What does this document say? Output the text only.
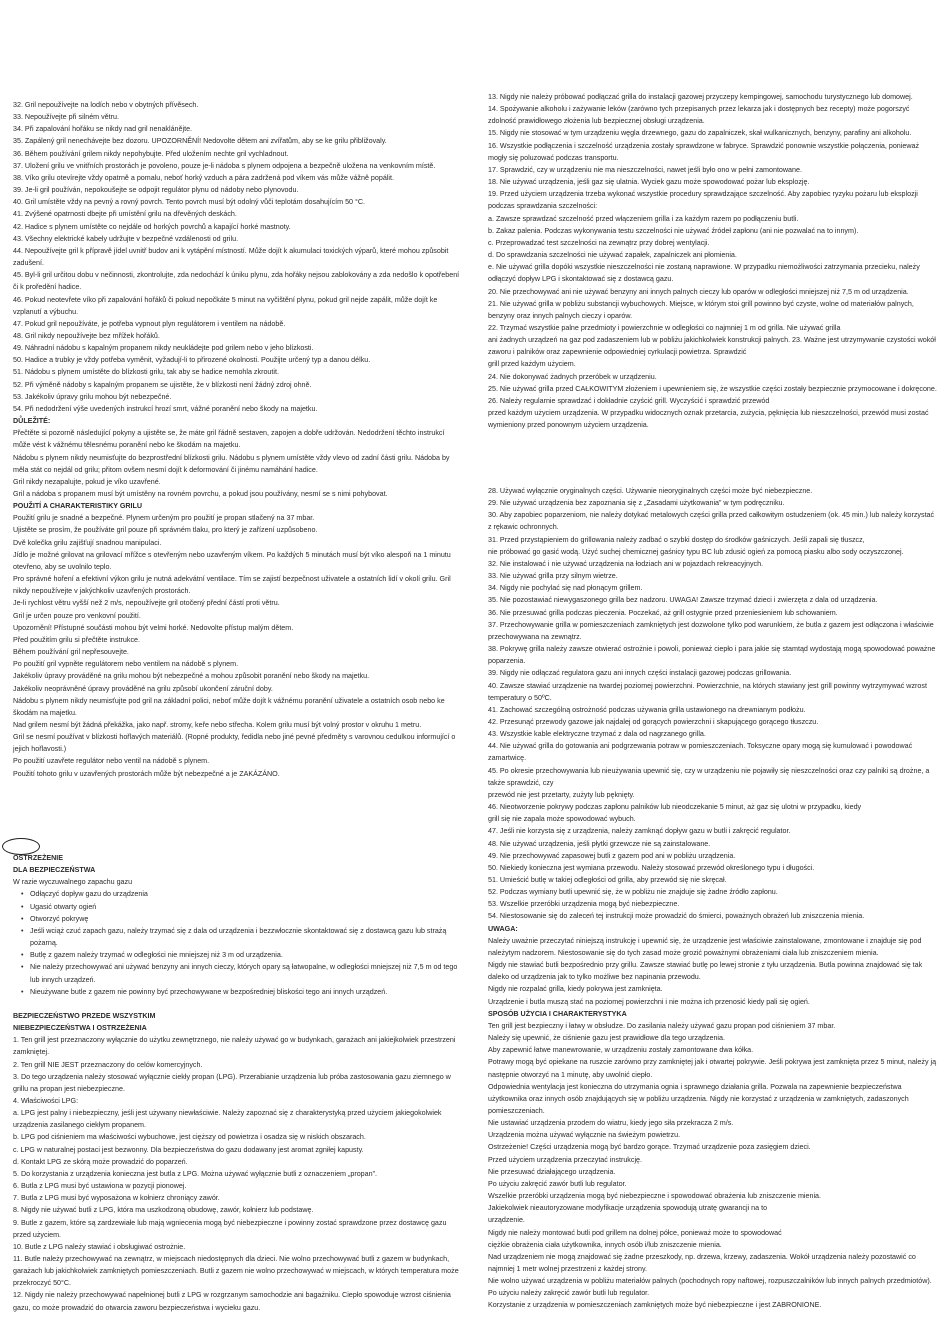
32. Gril nepoužívejte na lodích nebo v obytných přívěsech.

33. Nepoužívejte při silném větru.

34. Při zapalování hořáku se nikdy nad gril nenaklánějte.

35. Zapálený gril nenechávejte bez dozoru. UPOZORNĚNÍ! Nedovolte dětem ani zvířatům, aby se ke grilu přibližovaly.

36. Během používání grilem nikdy nepohybujte. Před uložením nechte gril vychladnout.

37. Uložení grilu ve vnitřních prostorách je povoleno, pouze je-li nádoba s plynem odpojena a bezpečně uložena na venkovním místě.

38. Víko grilu otevírejte vždy opatrně a pomalu, neboť horký vzduch a pára zadržená pod víkem vás může vážně popálit.

39. Je-li gril používán, nepokoušejte se odpojit regulátor plynu od nádoby nebo plynovodu.

40. Gril umístěte vždy na pevný a rovný povrch. Tento povrch musí být odolný vůči teplotám dosahujícím 50 °C.

41. Zvýšené opatrnosti dbejte při umístění grilu na dřevěných deskách.

42. Hadice s plynem umístěte co nejdále od horkých povrchů a kapající horké mastnoty.

43. Všechny elektrické kabely udržujte v bezpečné vzdálenosti od grilu.

44. Nepoužívejte gril k přípravě jídel uvnitř budov ani k vytápění místností. Může dojít k akumulaci toxických výparů, které mohou způsobit zadušení.

45. Byl-li gril určitou dobu v nečinnosti, zkontrolujte, zda nedochází k úniku plynu, zda hořáky nejsou zablokovány a zda nedošlo k opotřebení či k proředění hadice.

46. Pokud neotevřete víko při zapalování hořáků či pokud nepočkáte 5 minut na vyčištění plynu, pokud gril nejde zapálit, může dojít ke vzplanutí a výbuchu.

47. Pokud gril nepoužíváte, je potřeba vypnout plyn regulátorem i ventilem na nádobě.

48. Gril nikdy nepoužívejte bez mřížek hořáků.

49. Náhradní nádobu s kapalným propanem nikdy neukládejte pod grilem nebo v jeho blízkosti.

50. Hadice a trubky je vždy potřeba vyměnit, vyžadují-li to přirozené okolnosti. Použijte určený typ a danou délku.

51. Nádobu s plynem umístěte do blízkosti grilu, tak aby se hadice nemohla zkroutit.

52. Při výměně nádoby s kapalným propanem se ujistěte, že v blízkosti není žádný zdroj ohně.

53. Jakékoliv úpravy grilu mohou být nebezpečné.

54. Při nedodržení výše uvedených instrukcí hrozí smrt, vážné poranění nebo škody na majetku.

DŮLEŽITÉ:

Přečtěte si pozorně následující pokyny a ujistěte se, že máte gril řádně sestaven, zapojen a dobře udržován. Nedodržení těchto instrukcí může vést k vážnému tělesnému poranění nebo ke škodám na majetku.

Nádobu s plynem nikdy neumisťujte do bezprostřední blízkosti grilu. Nádobu s plynem umístěte vždy vlevo od zadní části grilu. Nádoba by měla stát co nejdál od grilu; přitom ovšem nesmí dojít k deformování či jinému namáhání hadice.

Gril nikdy nezapalujte, pokud je víko uzavřené.

Gril a nádoba s propanem musí být umístěny na rovném povrchu, a pokud jsou používány, nesmí se s nimi pohybovat.

POUŽITÍ A CHARAKTERISTIKY GRILU

Použití grilu je snadné a bezpečné. Plynem určeným pro použití je propan stlačený na 37 mbar.

Ujistěte se prosím, že používáte gril pouze při správném tlaku, pro který je zařízení uzpůsobeno.

Dvě kolečka grilu zajišťují snadnou manipulaci.

Jídlo je možné grilovat na grilovací mřížce s otevřeným nebo uzavřeným víkem. Po každých 5 minutách musí být víko alespoň na 1 minutu otevřeno, aby se uvolnilo teplo.

Pro správné hoření a efektivní výkon grilu je nutná adekvátní ventilace. Tím se zajistí bezpečnost uživatele a ostatních lidí v okolí grilu. Gril nikdy nepoužívejte v jakýchkoliv uzavřených prostorách.

Je-li rychlost větru vyšší než 2 m/s, nepoužívejte gril otočený přední částí proti větru.

Gril je určen pouze pro venkovní použití.

Upozornění! Přístupné součásti mohou být velmi horké. Nedovolte přístup malým dětem.

Před použitím grilu si přečtěte instrukce.

Během používání gril nepřesouvejte.

Po použití gril vypněte regulátorem nebo ventilem na nádobě s plynem.

Jakékoliv úpravy prováděné na grilu mohou být nebezpečné a mohou způsobit poranění nebo škody na majetku.

Jakékoliv neoprávněné úpravy prováděné na grilu způsobí ukončení záruční doby.

Nádobu s plynem nikdy neumisťujte pod gril na základní polici, neboť může dojít k vážnému poranění uživatele a ostatních osob nebo ke škodám na majetku.

Nad grilem nesmí být žádná překážka, jako např. stromy, keře nebo střecha. Kolem grilu musí být volný prostor v okruhu 1 metru.

Gril se nesmí používat v blízkosti hořlavých materiálů. (Ropné produkty, ředidla nebo jiné pevné předměty s varovnou cedulkou informující o jejich hořlavosti.)

Po použití uzavřete regulátor nebo ventil na nádobě s plynem.

Použití tohoto grilu v uzavřených prostorách může být nebezpečné a je ZAKÁZÁNO.

OSTRZEŻENIE

DLA BEZPIECZEŃSTWA

W razie wyczuwalnego zapachu gazu

• Odłączyć dopływ gazu do urządzenia
• Ugasić otwarty ogień
• Otworzyć pokrywę
• Jeśli wciąż czuć zapach gazu, należy trzymać się z dala od urządzenia i bezzwłocznie skontaktować się z dostawcą gazu lub strażą pożarną.
• Butlę z gazem należy trzymać w odległości nie mniejszej niż 3 m od urządzenia.
• Nie należy przechowywać ani używać benzyny ani innych cieczy, których opary są łatwopalne, w odległości mniejszej niż 7,5 m od tego lub innych urządzeń.
• Nieużywane butle z gazem nie powinny być przechowywane w bezpośredniej bliskości tego ani innych urządzeń.

BEZPIECZEŃSTWO PRZEDE WSZYSTKIM

NIEBEZPIECZEŃSTWA I OSTRZEŻENIA

1. Ten grill jest przeznaczony wyłącznie do użytku zewnętrznego, nie należy używać go w budynkach, garażach ani jakiejkolwiek przestrzeni zamkniętej.

2. Ten grill NIE JEST przeznaczony do celów komercyjnych.

3. Do tego urządzenia należy stosować wyłącznie ciekły propan (LPG). Przerabianie urządzenia lub próba zastosowania gazu ziemnego w grillu na propan jest niebezpieczne.

4. Właściwości LPG:

a. LPG jest palny i niebezpieczny, jeśli jest używany niewłaściwie. Należy zapoznać się z charakterystyką przed użyciem jakiegokolwiek urządzenia zasilanego ciekłym propanem.

b. LPG pod ciśnieniem ma właściwości wybuchowe, jest cięższy od powietrza i osadza się w niskich obszarach.

c. LPG w naturalnej postaci jest bezwonny. Dla bezpieczeństwa do gazu dodawany jest aromat zgniłej kapusty.

d. Kontakt LPG ze skórą może prowadzić do poparzeń.

5. Do korzystania z urządzenia konieczna jest butla z LPG. Można używać wyłącznie butli z oznaczeniem „propan”.

6. Butla z LPG musi być ustawiona w pozycji pionowej.

7. Butla z LPG musi być wyposażona w kołnierz chroniący zawór.

8. Nigdy nie używać butli z LPG, która ma uszkodzoną obudowę, zawór, kołnierz lub podstawę.

9. Butle z gazem, które są zardzewiałe lub mają wgniecenia mogą być niebezpieczne i powinny zostać sprawdzone przez dostawcę gazu przed użyciem.

10. Butle z LPG należy stawiać i obsługiwać ostrożnie.

11. Butle należy przechowywać na zewnątrz, w miejscach niedostępnych dla dzieci. Nie wolno przechowywać butli z gazem w budynkach, garażach lub jakichkolwiek zamkniętych pomieszczeniach. Butli z gazem nie wolno przechowywać w miejscach, w których temperatura może przekroczyć 50°C.

12. Nigdy nie należy przechowywać napełnionej butli z LPG w rozgrzanym samochodzie ani bagażniku. Ciepło spowoduje wzrost ciśnienia gazu, co może prowadzić do otwarcia zaworu bezpieczeństwa i wycieku gazu.

13. Nigdy nie należy próbować podłączać grilla do instalacji gazowej przyczepy kempingowej, samochodu turystycznego lub domowej.

14. Spożywanie alkoholu i zażywanie leków (zarówno tych przepisanych przez lekarza jak i dostępnych bez recepty) może pogorszyć zdolność prawidłowego złożenia lub bezpiecznej obsługi urządzenia.

15. Nigdy nie stosować w tym urządzeniu węgla drzewnego, gazu do zapalniczek, skał wulkanicznych, benzyny, parafiny ani alkoholu.

16. Wszystkie podłączenia i szczelność urządzenia zostały sprawdzone w fabryce. Sprawdzić ponownie wszystkie połączenia, ponieważ mogły się poluzować podczas transportu.

17. Sprawdzić, czy w urządzeniu nie ma nieszczelności, nawet jeśli było ono w pełni zamontowane.

18. Nie używać urządzenia, jeśli gaz się ulatnia. Wyciek gazu może spowodować pożar lub eksplozję.

19. Przed użyciem urządzenia trzeba wykonać wszystkie procedury sprawdzające szczelność. Aby zapobiec ryzyku pożaru lub eksplozji podczas sprawdzania szczelności:

a. Zawsze sprawdzać szczelność przed włączeniem grilla i za każdym razem po podłączeniu butli.

b. Zakaz palenia. Podczas wykonywania testu szczelności nie używać źródeł zapłonu (ani nie pozwalać na to innym).

c. Przeprowadzać test szczelności na zewnątrz przy dobrej wentylacji.

d. Do sprawdzania szczelności nie używać zapałek, zapalniczek ani płomienia.

e. Nie używać grilla dopóki wszystkie nieszczelności nie zostaną naprawione. W przypadku niemożliwości zatrzymania przecieku, należy odłączyć dopływ LPG i skontaktować się z dostawcą gazu.

20. Nie przechowywać ani nie używać benzyny ani innych palnych cieczy lub oparów w odległości mniejszej niż 7,5 m od urządzenia.

21. Nie używać grilla w pobliżu substancji wybuchowych. Miejsce, w którym stoi grill powinno być czyste, wolne od materiałów palnych, benzyny oraz innych palnych cieczy i oparów.

22. Trzymać wszystkie palne przedmioty i powierzchnie w odległości co najmniej 1 m od grilla. Nie używać grilla

ani żadnych urządzeń na gaz pod zadaszeniem lub w pobliżu jakichkolwiek konstrukcji palnych. 23. Ważne jest utrzymywanie czystości wokół zaworu i palników oraz zapewnienie odpowiedniej cyrkulacji powietrza. Sprawdzić

grill przed każdym użyciem.

24. Nie dokonywać żadnych przeróbek w urządzeniu.

25. Nie używać grilla przed CAŁKOWITYM złożeniem i upewnieniem się, że wszystkie części zostały bezpiecznie przymocowane i dokręcone.

26. Należy regularnie sprawdzać i dokładnie czyścić grill. Wyczyścić i sprawdzić przewód

przed każdym użyciem urządzenia. W przypadku widocznych oznak przetarcia, zużycia, pęknięcia lub nieszczelności, przewód musi zostać wymieniony przed ponownym użyciem urządzenia.

28. Używać wyłącznie oryginalnych części. Używanie nieoryginalnych części może być niebezpieczne.

29. Nie używać urządzenia bez zapoznania się z „Zasadami użytkowania” w tym podręczniku.

30. Aby zapobiec poparzeniom, nie należy dotykać metalowych części grilla przed całkowitym ostudzeniem (ok. 45 min.) lub należy korzystać z rękawic ochronnych.

31. Przed przystąpieniem do grillowania należy zadbać o szybki dostęp do środków gaśniczych. Jeśli zapali się tłuszcz,

nie próbować go gasić wodą. Użyć suchej chemicznej gaśnicy typu BC lub zdusić ogień za pomocą piasku albo sody oczyszczonej.

32. Nie instalować i nie używać urządzenia na łodziach ani w pojazdach rekreacyjnych.

33. Nie używać grilla przy silnym wietrze.

34. Nigdy nie pochylać się nad płonącym grillem.

35. Nie pozostawiać niewygaszonego grilla bez nadzoru. UWAGA! Zawsze trzymać dzieci i zwierzęta z dala od urządzenia.

36. Nie przesuwać grilla podczas pieczenia. Poczekać, aż grill ostygnie przed przeniesieniem lub schowaniem.

37. Przechowywanie grilla w pomieszczeniach zamkniętych jest dozwolone tylko pod warunkiem, że butla z gazem jest odłączona i właściwie przechowywana na zewnątrz.

38. Pokrywę grilla należy zawsze otwierać ostrożnie i powoli, ponieważ ciepło i para jakie się stamtąd wydostają mogą spowodować poważne poparzenia.

39. Nigdy nie odłączać regulatora gazu ani innych części instalacji gazowej podczas grillowania.

40. Zawsze stawiać urządzenie na twardej poziomej powierzchni. Powierzchnie, na których stawiany jest grill powinny wytrzymywać wzrost temperatury o 50ºC.

41. Zachować szczególną ostrożność podczas używania grilla ustawionego na drewnianym podłożu.

42. Przesunąć przewody gazowe jak najdalej od gorących powierzchni i skapującego gorącego tłuszczu.

43. Wszystkie kable elektryczne trzymać z dala od nagrzanego grilla.

44. Nie używać grilla do gotowania ani podgrzewania potraw w pomieszczeniach. Toksyczne opary mogą się kumulować i powodować zamartwicę.

45. Po okresie przechowywania lub nieużywania upewnić się, czy w urządzeniu nie pojawiły się nieszczelności oraz czy palniki są drożne, a także sprawdzić, czy

przewód nie jest przetarty, zużyty lub pęknięty.

46. Nieotworzenie pokrywy podczas zapłonu palników lub nieodczekanie 5 minut, aż gaz się ulotni w przypadku, kiedy

grill się nie zapala może spowodować wybuch.

47. Jeśli nie korzysta się z urządzenia, należy zamknąć dopływ gazu w butli i zakręcić regulator.

48. Nie używać urządzenia, jeśli płytki grzewcze nie są zainstalowane.

49. Nie przechowywać zapasowej butli z gazem pod ani w pobliżu urządzenia.

50. Niekiedy konieczna jest wymiana przewodu. Należy stosować przewód określonego typu i długości.

51. Umieścić butlę w takiej odległości od grilla, aby przewód się nie skręcał.

52. Podczas wymiany butli upewnić się, że w pobliżu nie znajduje się żadne źródło zapłonu.

53. Wszelkie przeróbki urządzenia mogą być niebezpieczne.

54. Niestosowanie się do zaleceń tej instrukcji może prowadzić do śmierci, poważnych obrażeń lub zniszczenia mienia.

UWAGA:

Należy uważnie przeczytać niniejszą instrukcję i upewnić się, że urządzenie jest właściwie zainstalowane, zmontowane i znajduje się pod należytym nadzorem. Niestosowanie się do tych zasad może grozić poważnymi obrażeniami ciała lub zniszczeniem mienia.

Nigdy nie stawiać butli bezpośrednio przy grillu. Zawsze stawiać butlę po lewej stronie z tyłu urządzenia. Butla powinna znajdować się tak daleko od urządzenia jak to tylko możliwe bez napinania przewodu.

Nigdy nie rozpalać grilla, kiedy pokrywa jest zamknięta.

Urządzenie i butla muszą stać na poziomej powierzchni i nie można ich przenosić kiedy pali się ogień.

SPOSÓB UŻYCIA I CHARAKTERYSTYKA

Ten grill jest bezpieczny i łatwy w obsłudze. Do zasilania należy używać gazu propan pod ciśnieniem 37 mbar.

Należy się upewnić, że ciśnienie gazu jest prawidłowe dla tego urządzenia.

Aby zapewnić łatwe manewrowanie, w urządzeniu zostały zamontowane dwa kółka.

Potrawy mogą być opiekane na ruszcie zarówno przy zamkniętej jak i otwartej pokrywie. Jeśli pokrywa jest zamknięta przez 5 minut, należy ją następnie otworzyć na 1 minutę, aby uwolnić ciepło.

Odpowiednia wentylacja jest konieczna do utrzymania ognia i sprawnego działania grilla. Pozwala na zapewnienie bezpieczeństwa użytkownika oraz innych osób znajdujących się w pobliżu urządzenia. Nigdy nie korzystać z urządzenia w zamkniętych, zadaszonych pomieszczeniach.

Nie ustawiać urządzenia przodem do wiatru, kiedy jego siła przekracza 2 m/s.

Urządzenia można używać wyłącznie na świeżym powietrzu.

Ostrzeżenie! Części urządzenia mogą być bardzo gorące. Trzymać urządzenie poza zasięgiem dzieci.

Przed użyciem urządzenia przeczytać instrukcję.

Nie przesuwać działającego urządzenia.

Po użyciu zakręcić zawór butli lub regulator.

Wszelkie przeróbki urządzenia mogą być niebezpieczne i spowodować obrażenia lub zniszczenie mienia.

Jakiekolwiek nieautoryzowane modyfikacje urządzenia spowodują utratę gwarancji na to

urządzenie.

Nigdy nie należy montować butli pod grillem na dolnej półce, ponieważ może to spowodować

ciężkie obrażenia ciała użytkownika, innych osób i/lub zniszczenie mienia.

Nad urządzeniem nie mogą znajdować się żadne przeszkody, np. drzewa, krzewy, zadaszenia. Wokół urządzenia należy pozostawić co najmniej 1 metr wolnej przestrzeni z każdej strony.

Nie wolno używać urządzenia w pobliżu materiałów palnych (pochodnych ropy naftowej, rozpuszczalników lub innych palnych przedmiotów).

Po użyciu należy zakręcić zawór butli lub regulator.

Korzystanie z urządzenia w pomieszczeniach zamkniętych może być niebezpieczne i jest ZABRONIONE.
